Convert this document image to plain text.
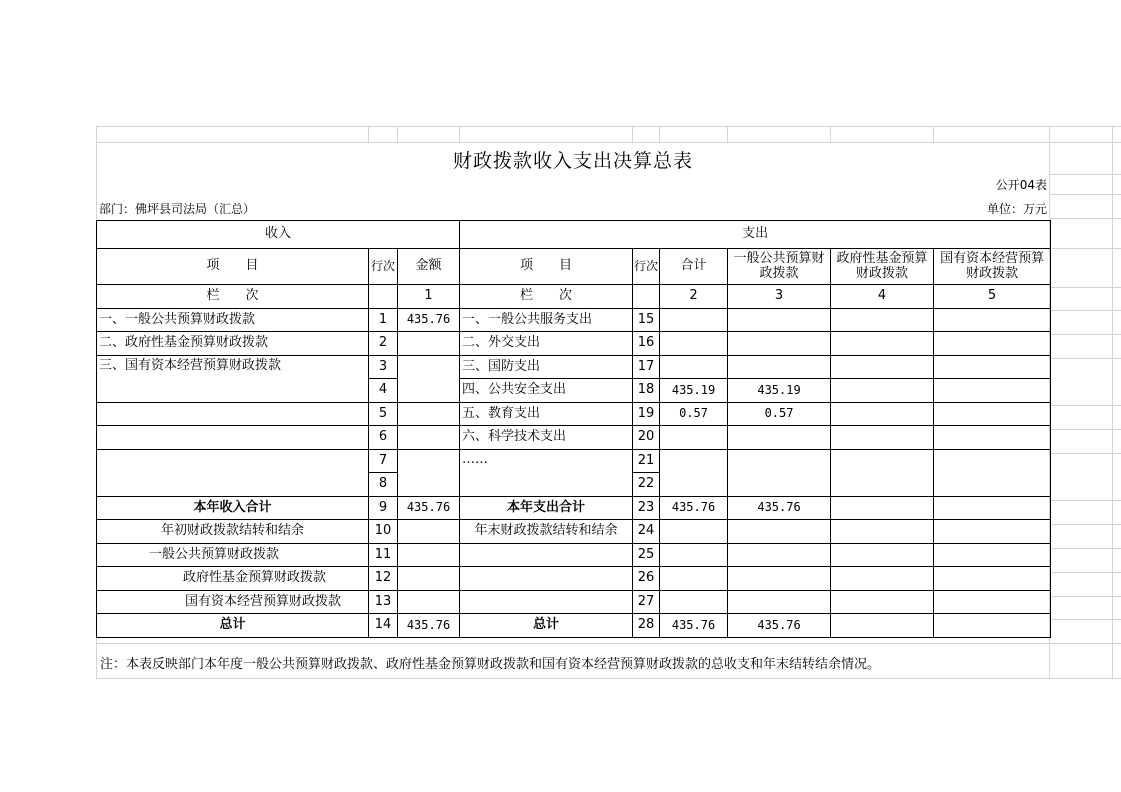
财政拨款收入支出决算总表
公开04表
部门：佛坪县司法局（汇总）	单位：万元
收入			支出					
项　　目	行次	金额	项　　目	行次	合计	一般公共预算财政拨款	政府性基金预算财政拨款	国有资本经营预算财政拨款
栏　　次		1	栏　　次		2	3	4	5
一、一般公共预算财政拨款	1	435.76	一、一般公共服务支出	15				
二、政府性基金预算财政拨款	2		二、外交支出	16				
三、国有资本经营预算财政拨款	3		三、国防支出	17				
	4		四、公共安全支出	18	435.19	435.19		
	5		五、教育支出	19	0.57	0.57		
	6		六、科学技术支出	20				
	7		……	21				
	8			22				
本年收入合计	9	435.76	本年支出合计	23	435.76	435.76		
年初财政拨款结转和结余	10		年末财政拨款结转和结余	24				
一般公共预算财政拨款	11			25				
政府性基金预算财政拨款	12			26				
国有资本经营预算财政拨款	13			27				
总计	14	435.76	总计	28	435.76	435.76		
注：本表反映部门本年度一般公共预算财政拨款、政府性基金预算财政拨款和国有资本经营预算财政拨款的总收支和年末结转结余情况。
